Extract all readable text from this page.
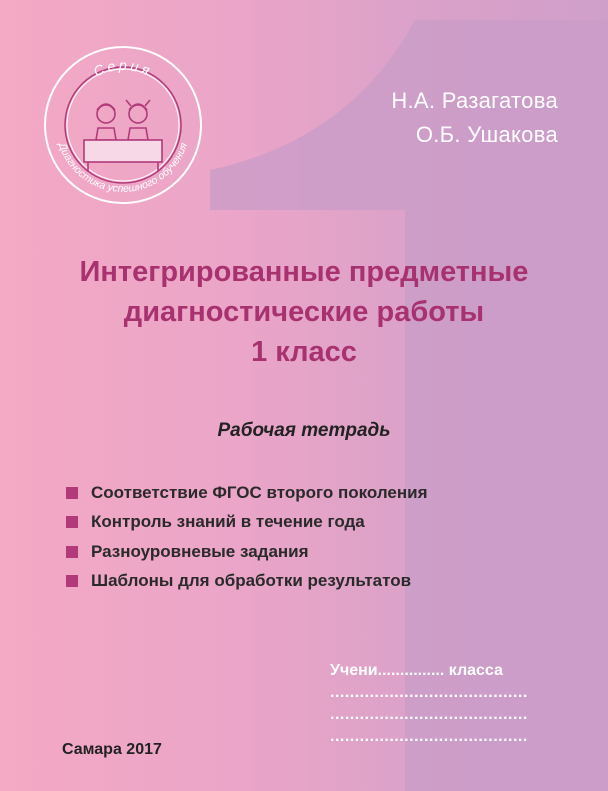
Серия
Диагностика успешного обучения
Н.А. Разагатова
О.Б. Ушакова
Интегрированные предметные
диагностические работы
1 класс
Рабочая тетрадь
Соответствие ФГОС второго поколения
Контроль знаний в течение года
Разноуровневые задания
Шаблоны для обработки результатов
Учени............... класса
........................................
........................................
........................................
Самара 2017
